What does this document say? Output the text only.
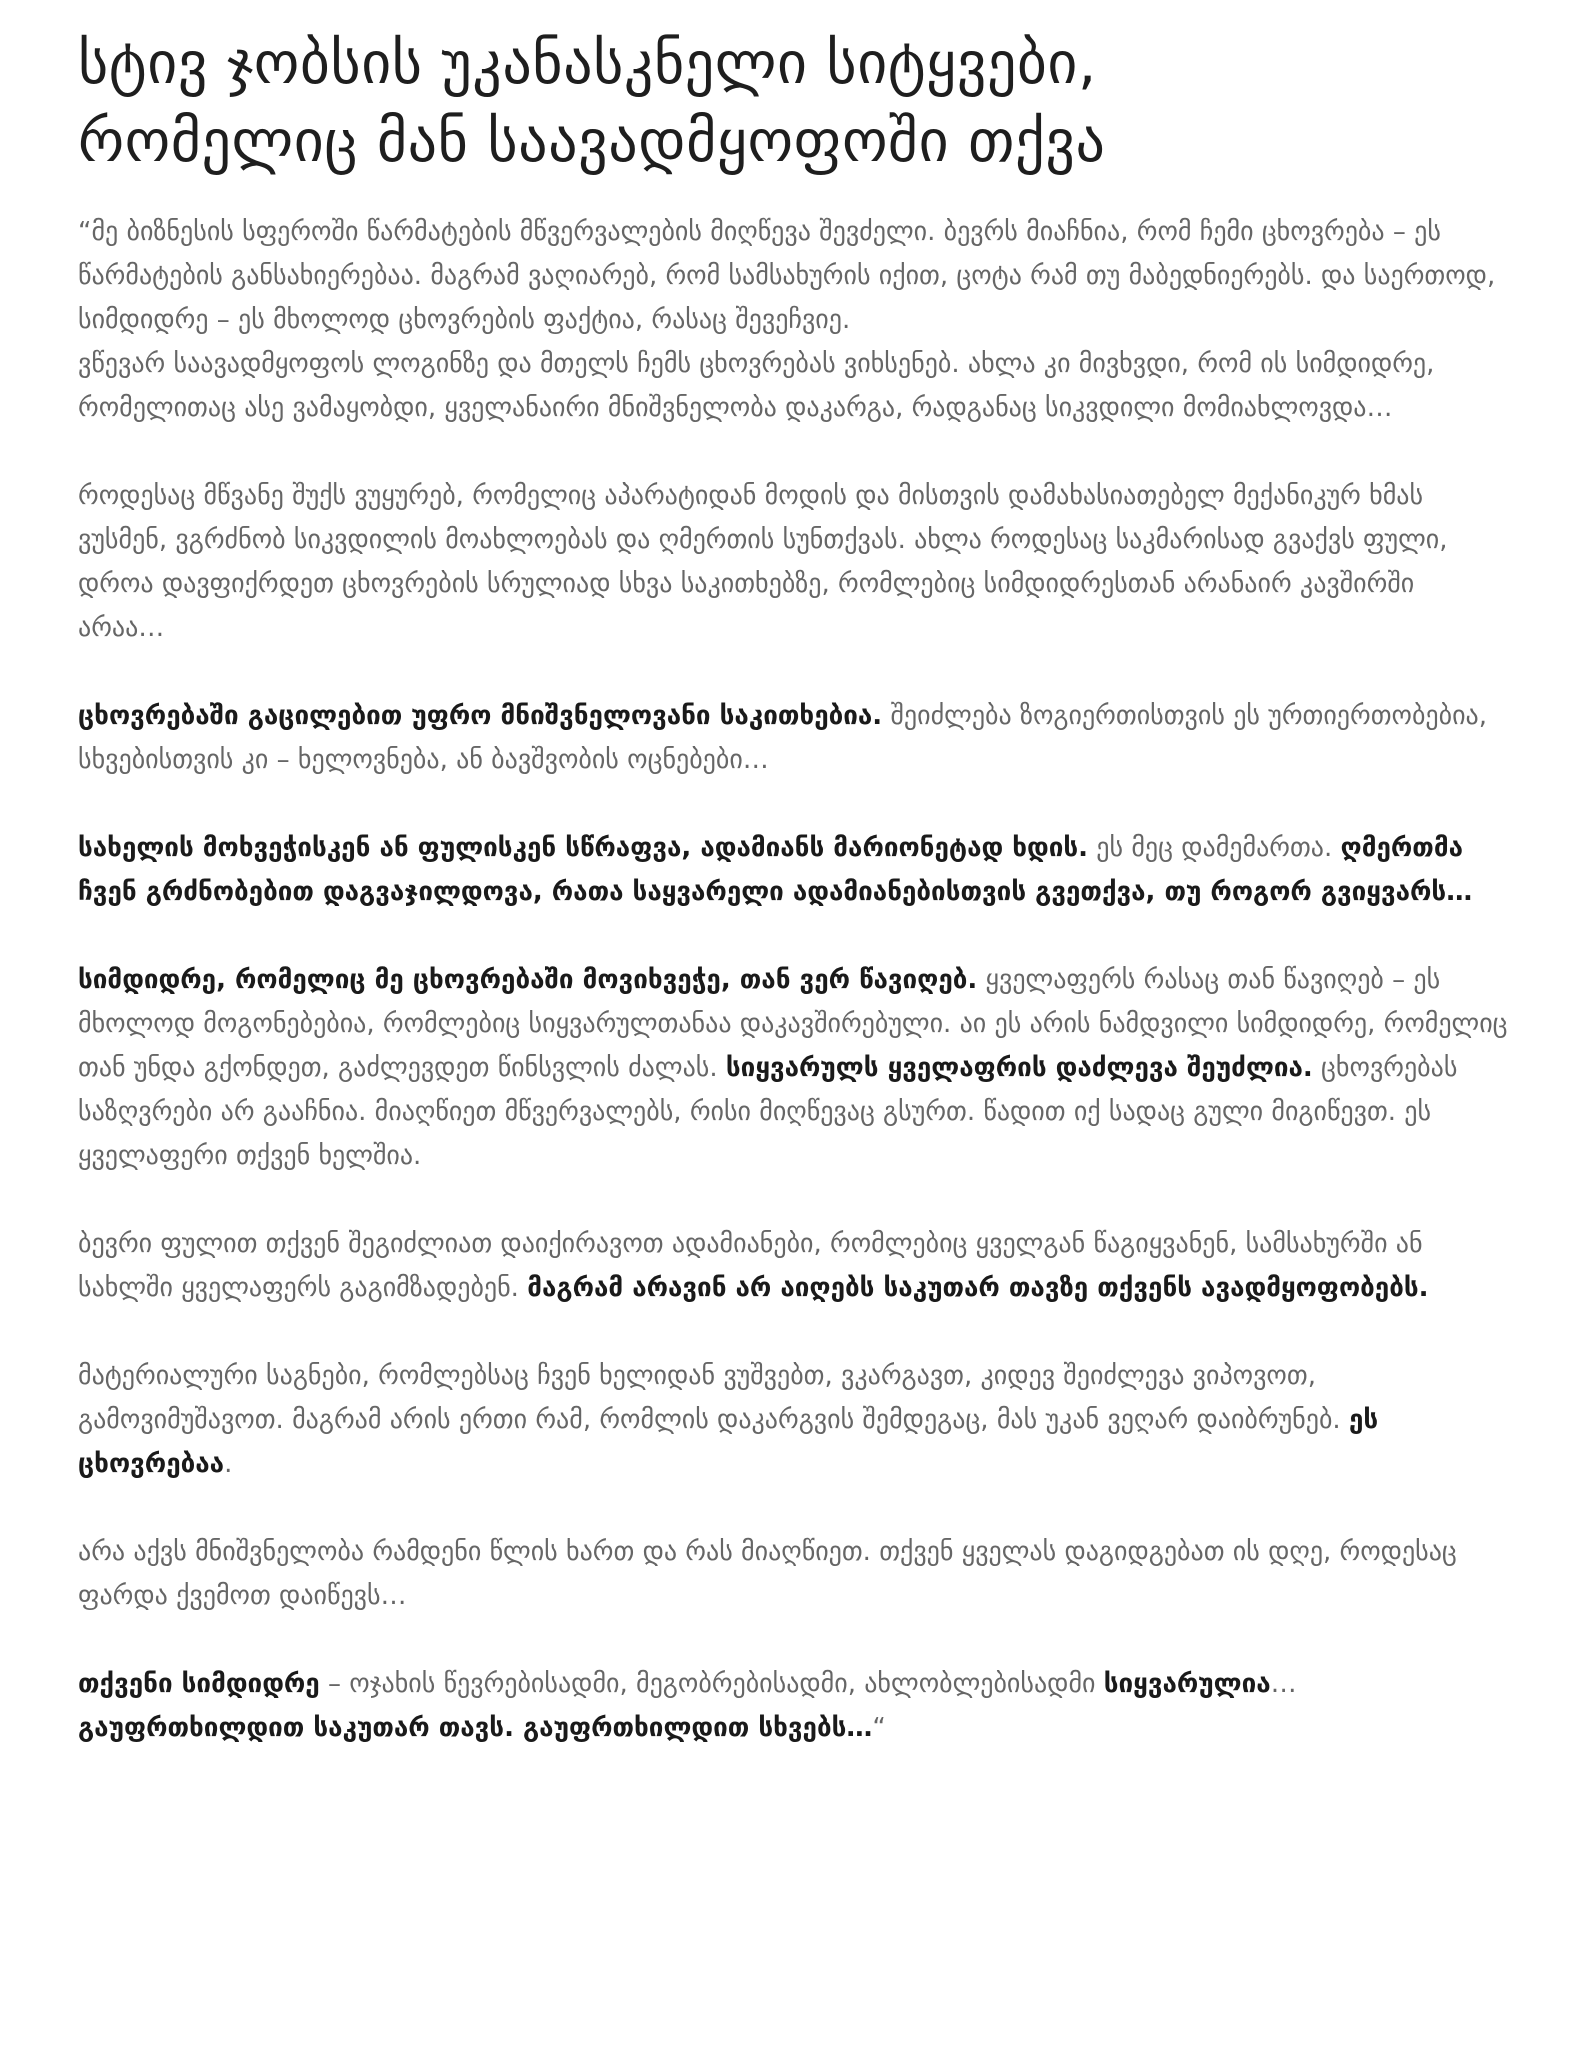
სტივ ჯობსის უკანასკნელი სიტყვები,
რომელიც მან საავადმყოფოში თქვა

“მე ბიზნესის სფეროში წარმატების მწვერვალების მიღწევა შევძელი. ბევრს მიაჩნია, რომ ჩემი ცხოვრება – ეს წარმატების განსახიერებაა. მაგრამ ვაღიარებ, რომ სამსახურის იქით, ცოტა რამ თუ მაბედნიერებს. და საერთოდ, სიმდიდრე – ეს მხოლოდ ცხოვრების ფაქტია, რასაც შევეჩვიე.
ვწევარ საავადმყოფოს ლოგინზე და მთელს ჩემს ცხოვრებას ვიხსენებ. ახლა კი მივხვდი, რომ ის სიმდიდრე, რომელითაც ასე ვამაყობდი, ყველანაირი მნიშვნელობა დაკარგა, რადგანაც სიკვდილი მომიახლოვდა…

როდესაც მწვანე შუქს ვუყურებ, რომელიც აპარატიდან მოდის და მისთვის დამახასიათებელ მექანიკურ ხმას ვუსმენ, ვგრძნობ სიკვდილის მოახლოებას და ღმერთის სუნთქვას. ახლა როდესაც საკმარისად გვაქვს ფული, დროა დავფიქრდეთ ცხოვრების სრულიად სხვა საკითხებზე, რომლებიც სიმდიდრესთან არანაირ კავშირში არაა…

ცხოვრებაში გაცილებით უფრო მნიშვნელოვანი საკითხებია. შეიძლება ზოგიერთისთვის ეს ურთიერთობებია, სხვებისთვის კი – ხელოვნება, ან ბავშვობის ოცნებები…

სახელის მოხვეჭისკენ ან ფულისკენ სწრაფვა, ადამიანს მარიონეტად ხდის. ეს მეც დამემართა. ღმერთმა ჩვენ გრძნობებით დაგვაჯილდოვა, რათა საყვარელი ადამიანებისთვის გვეთქვა, თუ როგორ გვიყვარს…

სიმდიდრე, რომელიც მე ცხოვრებაში მოვიხვეჭე, თან ვერ წავიღებ. ყველაფერს რასაც თან წავიღებ – ეს მხოლოდ მოგონებებია, რომლებიც სიყვარულთანაა დაკავშირებული. აი ეს არის ნამდვილი სიმდიდრე, რომელიც თან უნდა გქონდეთ, გაძლევდეთ წინსვლის ძალას. სიყვარულს ყველაფრის დაძლევა შეუძლია. ცხოვრებას საზღვრები არ გააჩნია. მიაღწიეთ მწვერვალებს, რისი მიღწევაც გსურთ. წადით იქ სადაც გული მიგიწევთ. ეს ყველაფერი თქვენ ხელშია.

ბევრი ფულით თქვენ შეგიძლიათ დაიქირავოთ ადამიანები, რომლებიც ყველგან წაგიყვანენ, სამსახურში ან სახლში ყველაფერს გაგიმზადებენ. მაგრამ არავინ არ აიღებს საკუთარ თავზე თქვენს ავადმყოფობებს.

მატერიალური საგნები, რომლებსაც ჩვენ ხელიდან ვუშვებთ, ვკარგავთ, კიდევ შეიძლევა ვიპოვოთ, გამოვიმუშავოთ. მაგრამ არის ერთი რამ, რომლის დაკარგვის შემდეგაც, მას უკან ვეღარ დაიბრუნებ. ეს ცხოვრებაა.

არა აქვს მნიშვნელობა რამდენი წლის ხართ და რას მიაღწიეთ. თქვენ ყველას დაგიდგებათ ის დღე, როდესაც ფარდა ქვემოთ დაიწევს…

თქვენი სიმდიდრე – ოჯახის წევრებისადმი, მეგობრებისადმი, ახლობლებისადმი სიყვარულია…
გაუფრთხილდით საკუთარ თავს. გაუფრთხილდით სხვებს…“
